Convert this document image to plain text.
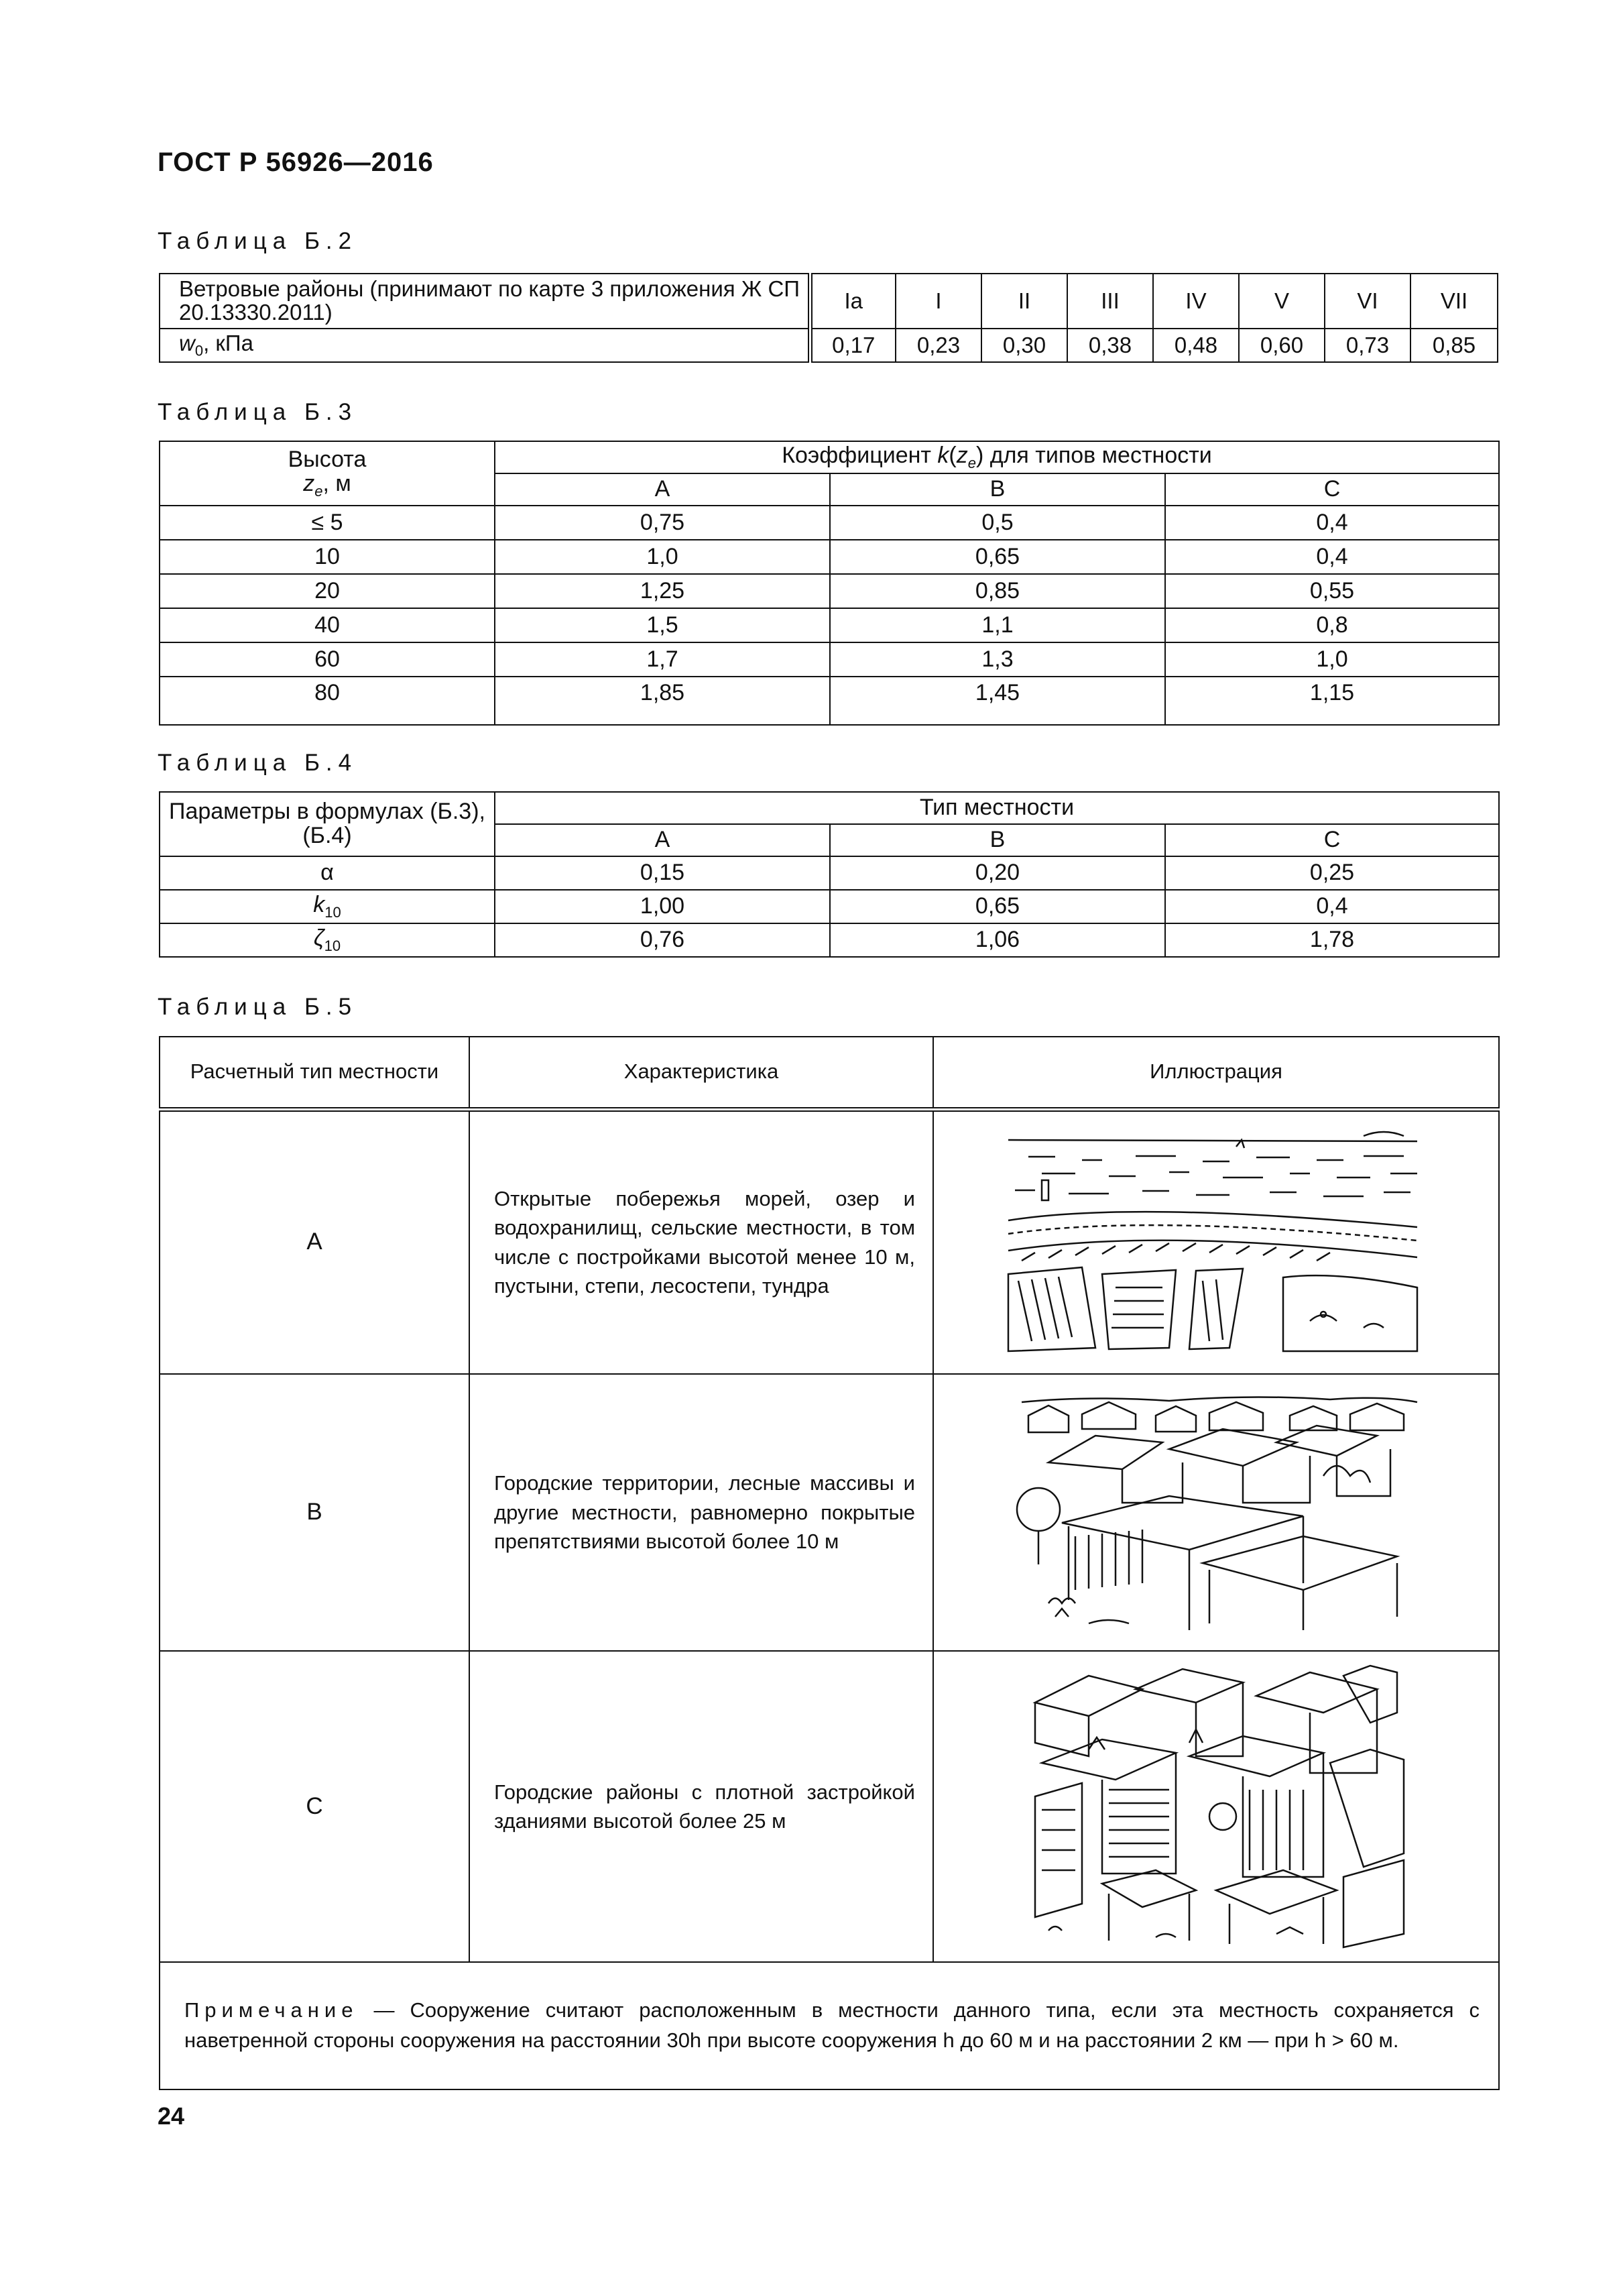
ГОСТ Р 56926—2016
Таблица Б.2
Ветровые районы (принимают по карте 3 приложения Ж СП 20.13330.2011)	Ia	I	II	III	IV	V	VI	VII
$w_0$, кПа	0,17	0,23	0,30	0,38	0,48	0,60	0,73	0,85
Таблица Б.3
Высота
$z_e$, м	Коэффициент $k(z_e)$ для типов местности		
	A	B	C
≤ 5	0,75	0,5	0,4
10	1,0	0,65	0,4
20	1,25	0,85	0,55
40	1,5	1,1	0,8
60	1,7	1,3	1,0
80	1,85	1,45	1,15
Таблица Б.4
Параметры в формулах (Б.3), (Б.4)	Тип местности		
	A	B	C
α	0,15	0,20	0,25
$k_{10}$	1,00	0,65	0,4
$\zeta_{10}$	0,76	1,06	1,78
Таблица Б.5
Расчетный тип местности	Характеристика	Иллюстрация
A	Открытые побережья морей, озер и водохранилищ, сельские местности, в том числе с постройками высотой менее 10 м, пустыни, степи, лесостепи, тундра	

B	Городские территории, лесные массивы и другие местности, равномерно покрытые препятствиями высотой более 10 м	

C	Городские районы с плотной застройкой зданиями высотой более 25 м	

Примечание — Сооружение считают расположенным в местности данного типа, если эта местность сохраняется с наветренной стороны сооружения на расстоянии 30h при высоте сооружения h до 60 м и на расстоянии 2 км — при h > 60 м.		
24
